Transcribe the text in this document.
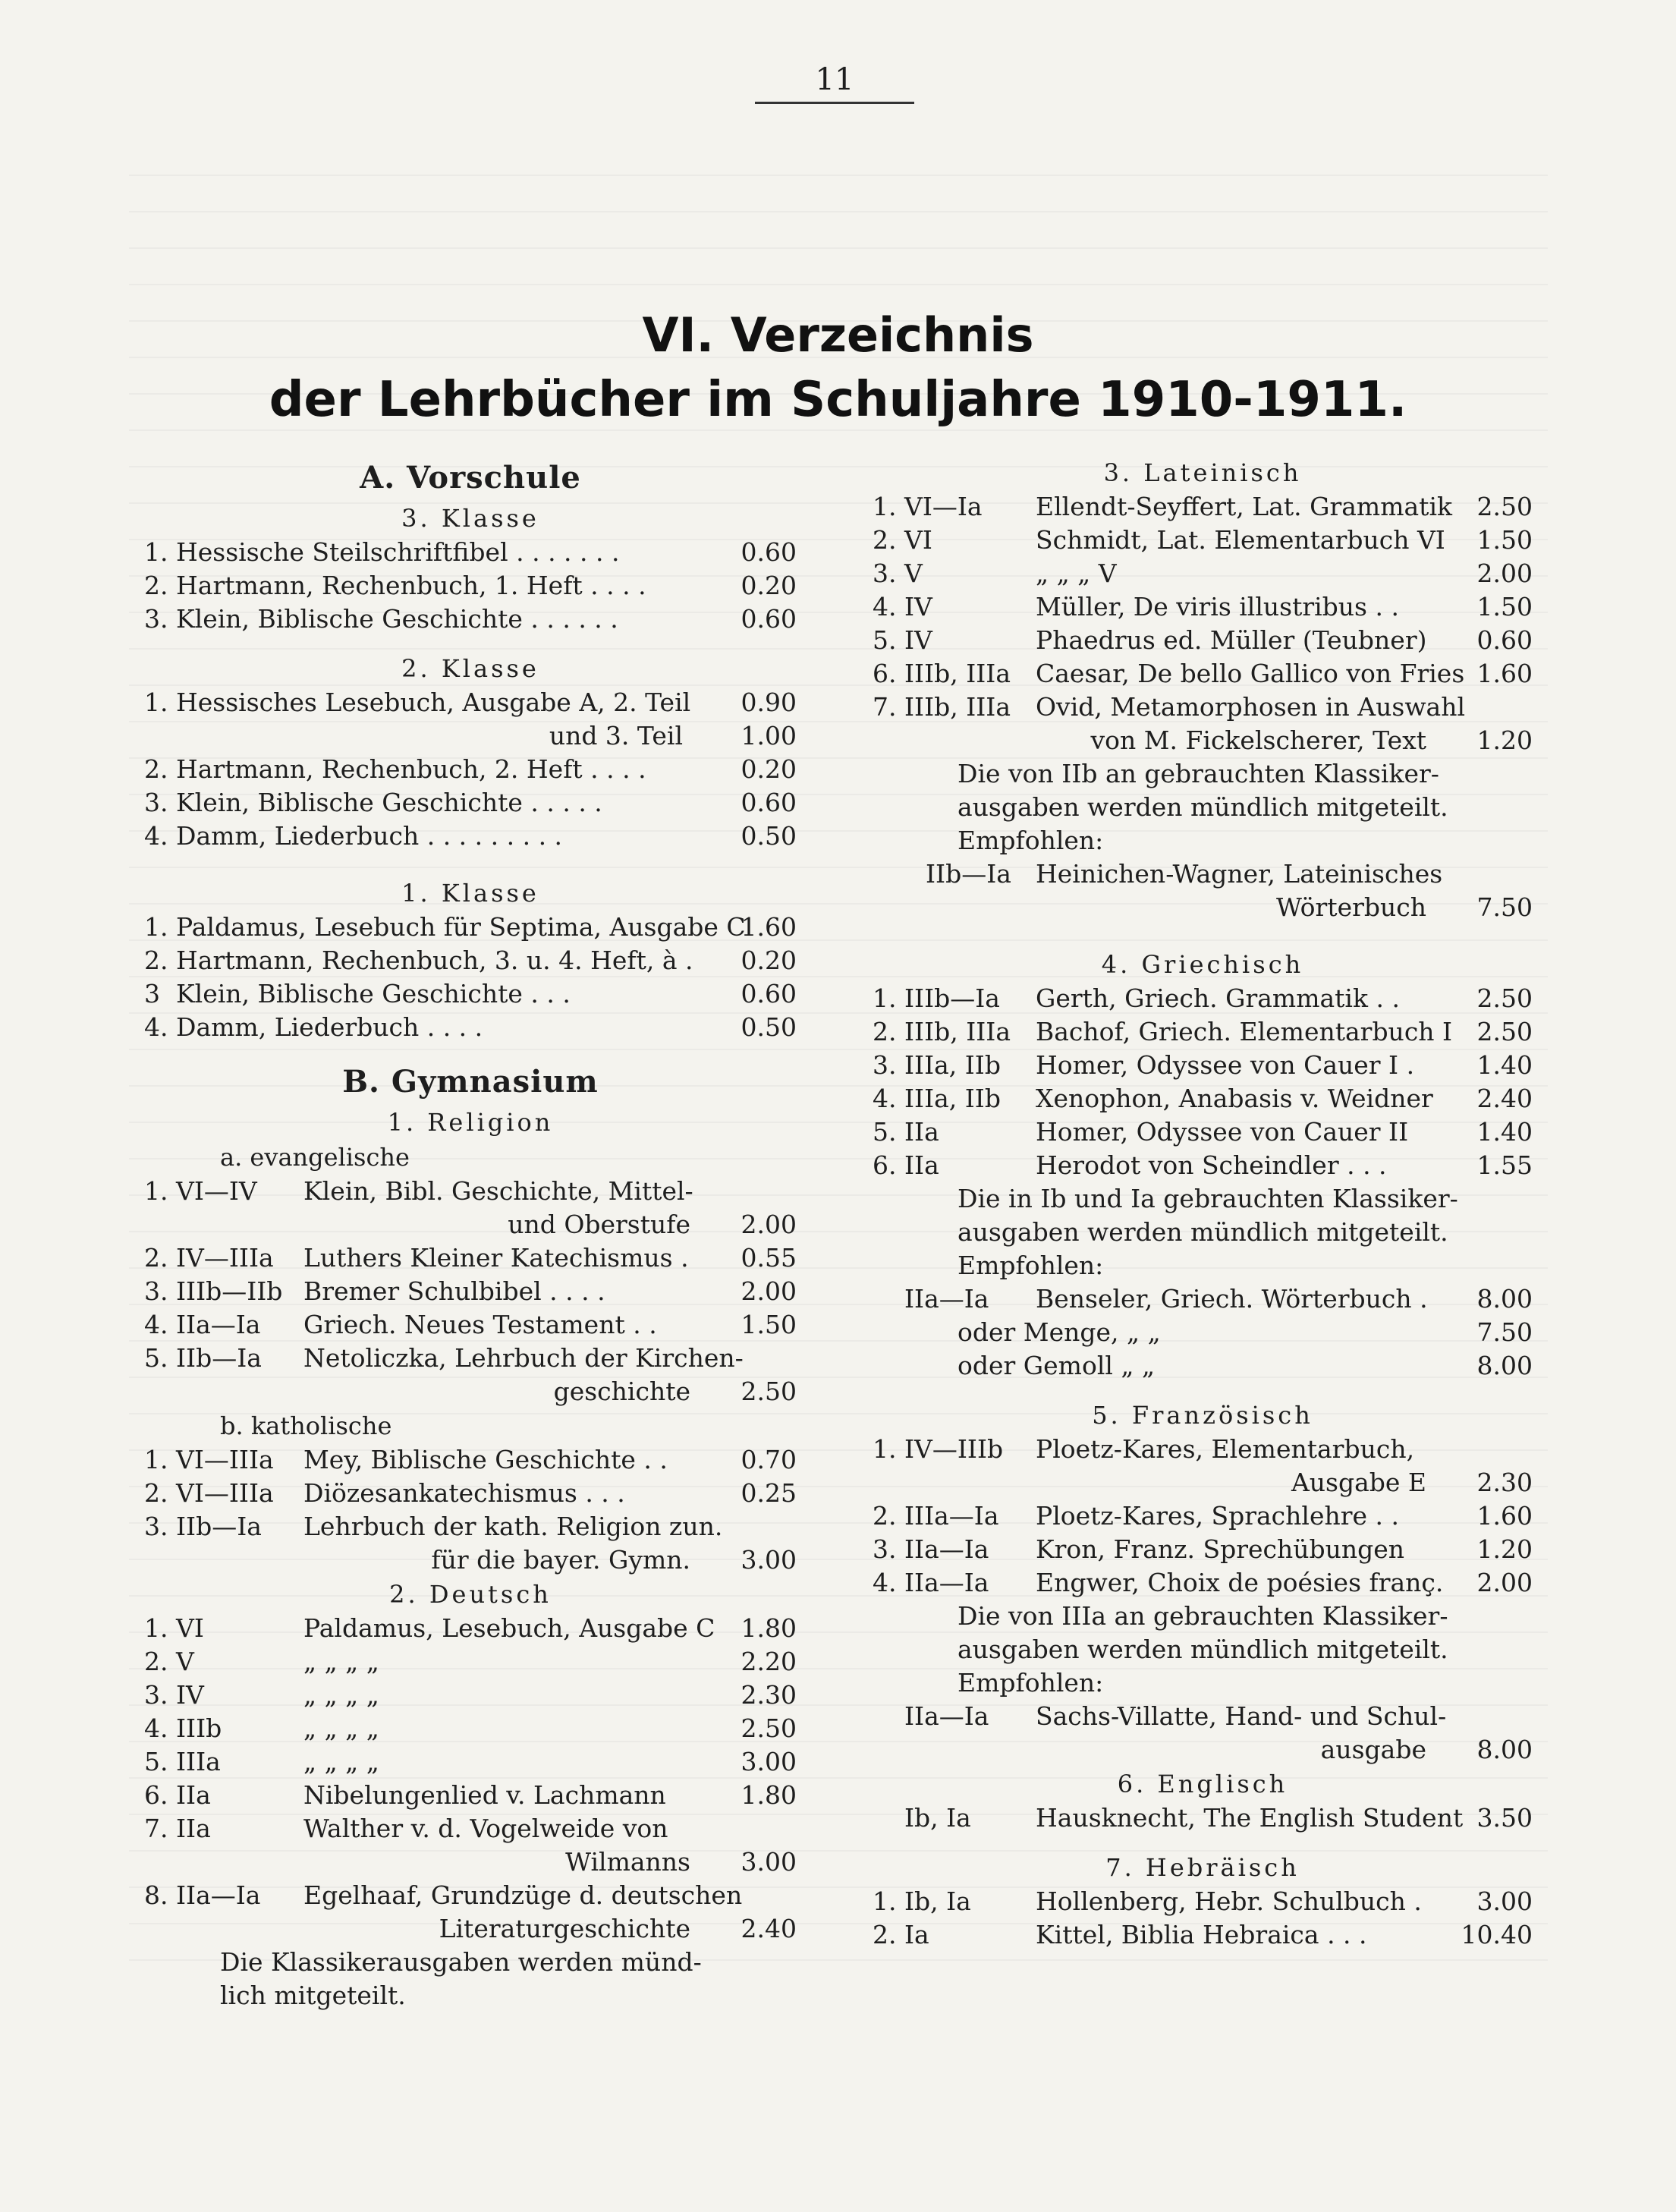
11
VI. Verzeichnis
der Lehrbücher im Schuljahre 1910-1911.
A. Vorschule
3. Klasse
1. Hessische Steilschriftfibel . . . . . . .	0.60
2. Hartmann, Rechenbuch, 1. Heft . . . .	0.20
3. Klein, Biblische Geschichte . . . . . .	0.60
2. Klasse
1. Hessisches Lesebuch, Ausgabe A, 2. Teil 0.90
und 3. Teil 1.00
2. Hartmann, Rechenbuch, 2. Heft . . . .	0.20
3. Klein, Biblische Geschichte . . . . .	0.60
4. Damm, Liederbuch . . . . . . . . .	0.50
1. Klasse
1. Paldamus, Lesebuch für Septima, Ausgabe C
1.60
2. Hartmann, Rechenbuch, 3. u. 4. Heft, à . 0.20
3 Klein, Biblische Geschichte . . .	0.60
4. Damm, Liederbuch . . . .	0.50
B. Gymnasium
1. Religion
a. evangelische
1. VI—IV Klein, Bibl. Geschichte, Mittel-
und Oberstufe 2.00
2. IV—IIIa Luthers Kleiner Katechismus . 0.55
3. IIIb—IIb Bremer Schulbibel . . . .	2.00
4. IIa—Ia Griech. Neues Testament . .	1.50
5. IIb—Ia Netoliczka, Lehrbuch der Kirchen-
geschichte 2.50
b. katholische
1. VI—IIIa Mey, Biblische Geschichte . .	0.70
2. VI—IIIa Diözesankatechismus . . .	0.25
3. IIb—Ia Lehrbuch der kath. Religion zun.
für die bayer. Gymn. 3.00
2. Deutsch
1. VI	Paldamus, Lesebuch, Ausgabe C 1.80
2. V	„ „ „ „	2.20
3. IV	„ „ „ „	2.30
4. IIIb	„ „ „ „	2.50
5. IIIa	„ „ „ „	3.00
6. IIa	Nibelungenlied v. Lachmann	1.80
7. IIa	Walther v. d. Vogelweide von
Wilmanns 3.00
8. IIa—Ia Egelhaaf, Grundzüge d. deutschen
Literaturgeschichte 2.40
Die Klassikerausgaben werden münd-
lich mitgeteilt.
3. Lateinisch
1. VI—Ia Ellendt-Seyffert, Lat. Grammatik 2.50
2. VI	Schmidt, Lat. Elementarbuch VI 1.50
3. V	„ „ „ V	2.00
4. IV	Müller, De viris illustribus . .	1.50
5. IV	Phaedrus ed. Müller (Teubner) 0.60
6. IIIb, IIIa Caesar, De bello Gallico von Fries 1.60
7. IIIb, IIIa Ovid, Metamorphosen in Auswahl
von M. Fickelscherer, Text 1.20
Die von IIb an gebrauchten Klassiker-
ausgaben werden mündlich mitgeteilt.
Empfohlen:
IIb—Ia Heinichen-Wagner, Lateinisches
Wörterbuch 7.50
4. Griechisch
1. IIIb—Ia Gerth, Griech. Grammatik . .	2.50
2. IIIb, IIIa Bachof, Griech. Elementarbuch I 2.50
3. IIIa, IIb Homer, Odyssee von Cauer I . 1.40
4. IIIa, IIb Xenophon, Anabasis v. Weidner 2.40
5. IIa	Homer, Odyssee von Cauer II	1.40
6. IIa	Herodot von Scheindler . . .	1.55
Die in Ib und Ia gebrauchten Klassiker-
ausgaben werden mündlich mitgeteilt.
Empfohlen:
IIa—Ia Benseler, Griech. Wörterbuch . 8.00
oder Menge, „ „	7.50
oder Gemoll „ „	8.00
5. Französisch
1. IV—IIIb Ploetz-Kares, Elementarbuch,
Ausgabe E 2.30
2. IIIa—Ia Ploetz-Kares, Sprachlehre . .	1.60
3. IIa—Ia Kron, Franz. Sprechübungen	1.20
4. IIa—Ia Engwer, Choix de poésies franç. 2.00
Die von IIIa an gebrauchten Klassiker-
ausgaben werden mündlich mitgeteilt.
Empfohlen:
IIa—Ia Sachs-Villatte, Hand- und Schul-
ausgabe 8.00
6. Englisch
Ib, Ia	Hausknecht, The English Student 3.50
7. Hebräisch
1. Ib, Ia	Hollenberg, Hebr. Schulbuch . 3.00
2. Ia	Kittel, Biblia Hebraica . . .	10.40
